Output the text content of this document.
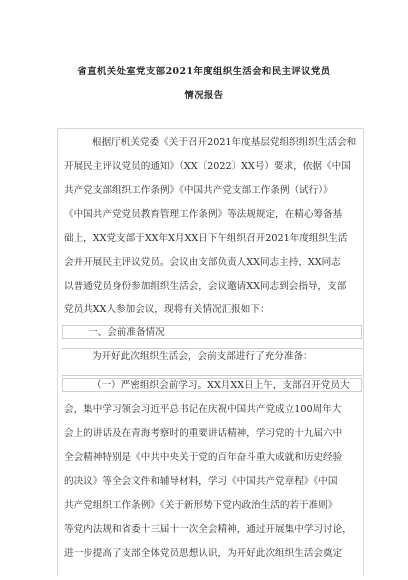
省直机关处室党支部2021年度组织生活会和民主评议党员
情况报告
根据厅机关党委《关于召开2021年度基层党组织组织生活会和
开展民主评议党员的通知》（XX〔2022〕XX号）要求，依据《中国
共产党支部组织工作条例》《中国共产党支部工作条例（试行）》
《中国共产党党员教育管理工作条例》等法规规定，在精心筹备基
础上，XX党支部于XX年X月XX日下午组织召开2021年度组织生活
会并开展民主评议党员。会议由支部负责人XX同志主持，XX同志
以普通党员身份参加组织生活会，会议邀请XX同志到会指导，支部
党员共XX人参加会议，现将有关情况汇报如下：
一、会前准备情况
为开好此次组织生活会，会前支部进行了充分准备：
（一）严密组织会前学习。XX月XX日上午，支部召开党员大
会，集中学习领会习近平总书记在庆祝中国共产党成立100周年大
会上的讲话及在青海考察时的重要讲话精神，学习党的十九届六中
全会精神特别是《中共中央关于党的百年奋斗重大成就和历史经验
的决议》等全会文件和辅导材料，学习《中国共产党章程》《中国
共产党组织工作条例》《关于新形势下党内政治生活的若干准则》
等党内法规和省委十三届十一次全会精神，通过开展集中学习讨论，
进一步提高了支部全体党员思想认识，为开好此次组织生活会奠定
